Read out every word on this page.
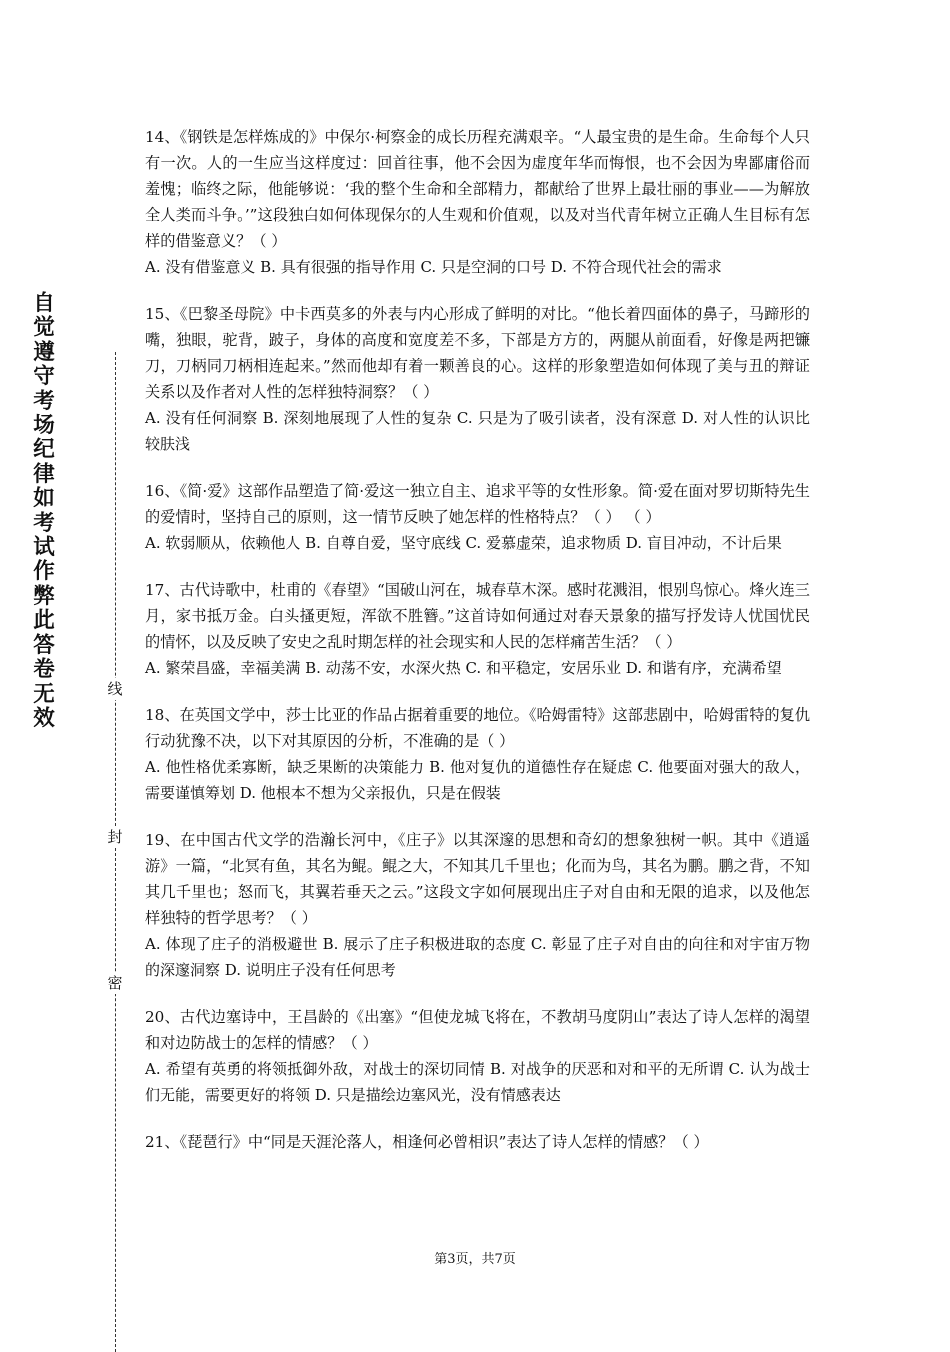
自觉遵守考场纪律如考试作弊此答卷无效
线
封
密

14、《钢铁是怎样炼成的》中保尔·柯察金的成长历程充满艰辛。“人最宝贵的是生命。生命每个人只有一次。人的一生应当这样度过：回首往事，他不会因为虚度年华而悔恨，也不会因为卑鄙庸俗而羞愧；临终之际，他能够说：‘我的整个生命和全部精力，都献给了世界上最壮丽的事业——为解放全人类而斗争。’”这段独白如何体现保尔的人生观和价值观，以及对当代青年树立正确人生目标有怎样的借鉴意义？（ ）

A. 没有借鉴意义 B. 具有很强的指导作用 C. 只是空洞的口号 D. 不符合现代社会的需求

15、《巴黎圣母院》中卡西莫多的外表与内心形成了鲜明的对比。“他长着四面体的鼻子，马蹄形的嘴，独眼，驼背，跛子，身体的高度和宽度差不多，下部是方方的，两腿从前面看，好像是两把镰刀，刀柄同刀柄相连起来。”然而他却有着一颗善良的心。这样的形象塑造如何体现了美与丑的辩证关系以及作者对人性的怎样独特洞察？（ ）

A. 没有任何洞察 B. 深刻地展现了人性的复杂 C. 只是为了吸引读者，没有深意 D. 对人性的认识比较肤浅

16、《简·爱》这部作品塑造了简·爱这一独立自主、追求平等的女性形象。简·爱在面对罗切斯特先生的爱情时，坚持自己的原则，这一情节反映了她怎样的性格特点？（ ） （ ）

A. 软弱顺从，依赖他人 B. 自尊自爱，坚守底线 C. 爱慕虚荣，追求物质 D. 盲目冲动，不计后果

17、古代诗歌中，杜甫的《春望》“国破山河在，城春草木深。感时花溅泪，恨别鸟惊心。烽火连三月，家书抵万金。白头搔更短，浑欲不胜簪。”这首诗如何通过对春天景象的描写抒发诗人忧国忧民的情怀，以及反映了安史之乱时期怎样的社会现实和人民的怎样痛苦生活？（ ）

A. 繁荣昌盛，幸福美满 B. 动荡不安，水深火热 C. 和平稳定，安居乐业 D. 和谐有序，充满希望

18、在英国文学中，莎士比亚的作品占据着重要的地位。《哈姆雷特》这部悲剧中，哈姆雷特的复仇行动犹豫不决，以下对其原因的分析，不准确的是（ ）

A. 他性格优柔寡断，缺乏果断的决策能力 B. 他对复仇的道德性存在疑虑 C. 他要面对强大的敌人，需要谨慎筹划 D. 他根本不想为父亲报仇，只是在假装

19、在中国古代文学的浩瀚长河中，《庄子》以其深邃的思想和奇幻的想象独树一帜。其中《逍遥游》一篇，“北冥有鱼，其名为鲲。鲲之大，不知其几千里也；化而为鸟，其名为鹏。鹏之背，不知其几千里也；怒而飞，其翼若垂天之云。”这段文字如何展现出庄子对自由和无限的追求，以及他怎样独特的哲学思考？（ ）

A. 体现了庄子的消极避世 B. 展示了庄子积极进取的态度 C. 彰显了庄子对自由的向往和对宇宙万物的深邃洞察 D. 说明庄子没有任何思考

20、古代边塞诗中，王昌龄的《出塞》“但使龙城飞将在，不教胡马度阴山”表达了诗人怎样的渴望和对边防战士的怎样的情感？（ ）

A. 希望有英勇的将领抵御外敌，对战士的深切同情 B. 对战争的厌恶和对和平的无所谓 C. 认为战士们无能，需要更好的将领 D. 只是描绘边塞风光，没有情感表达

21、《琵琶行》中“同是天涯沦落人，相逢何必曾相识”表达了诗人怎样的情感？（ ）

第3页，共7页
